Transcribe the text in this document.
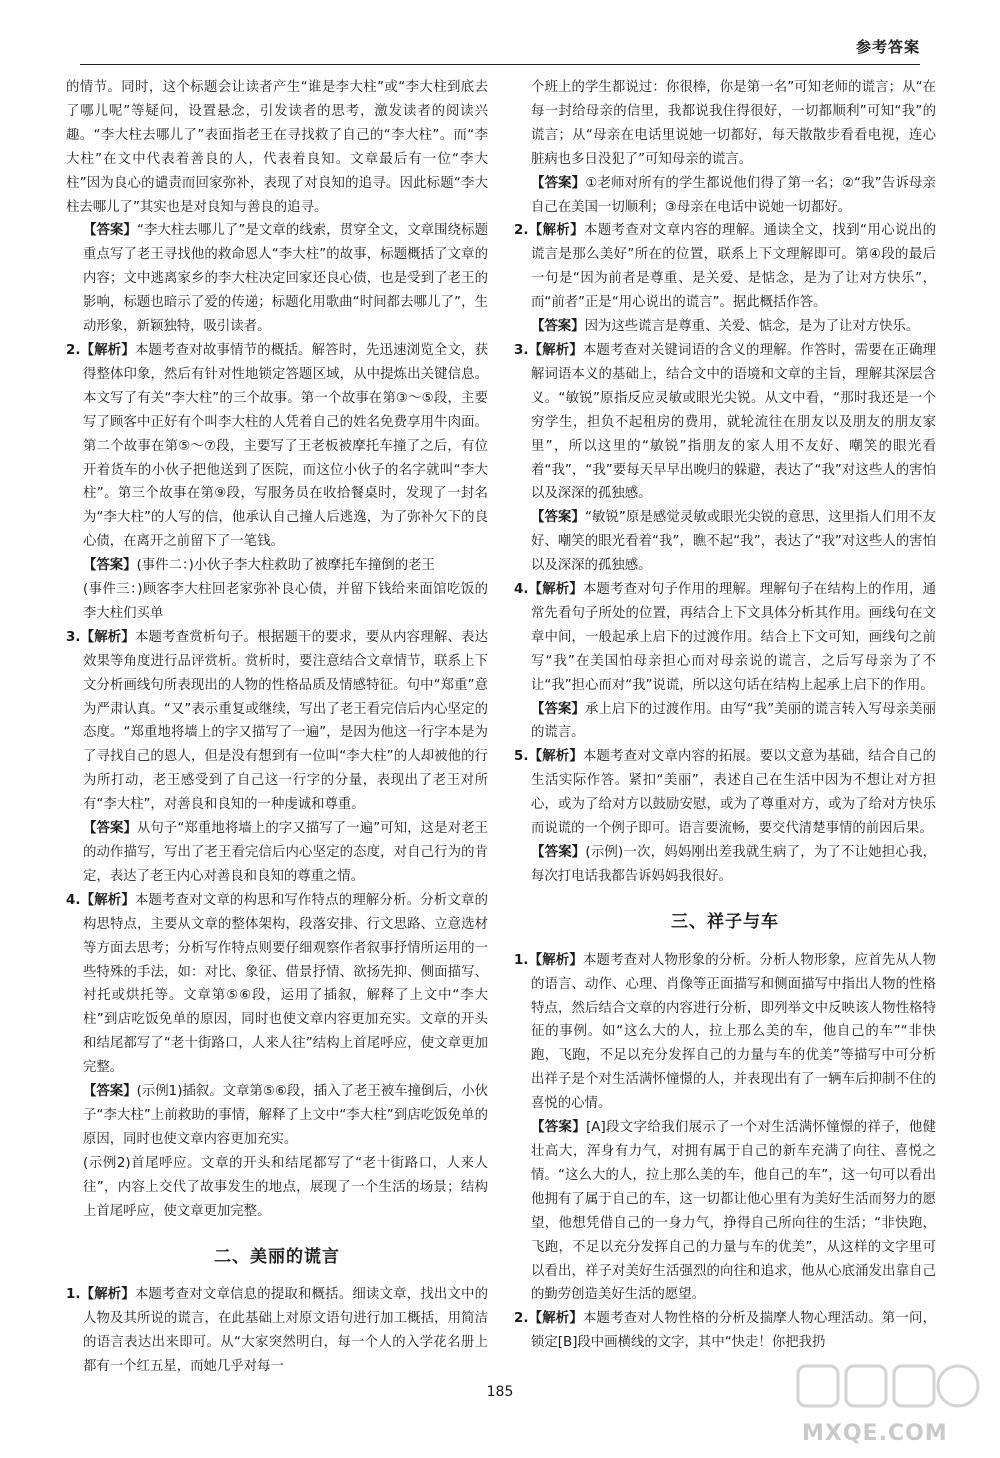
参考答案

的情节。同时，这个标题会让读者产生“谁是李大柱”或“李大柱到底去了哪儿呢”等疑问，设置悬念，引发读者的思考，激发读者的阅读兴趣。“李大柱去哪儿了”表面指老王在寻找救了自己的“李大柱”。而“李大柱”在文中代表着善良的人，代表着良知。文章最后有一位“李大柱”因为良心的谴责而回家弥补，表现了对良知的追寻。因此标题“李大柱去哪儿了”其实也是对良知与善良的追寻。

【答案】“李大柱去哪儿了”是文章的线索，贯穿全文，文章围绕标题重点写了老王寻找他的救命恩人“李大柱”的故事，标题概括了文章的内容；文中逃离家乡的李大柱决定回家还良心债，也是受到了老王的影响，标题也暗示了爱的传递；标题化用歌曲“时间都去哪儿了”，生动形象，新颖独特，吸引读者。

2.【解析】本题考查对故事情节的概括。解答时，先迅速浏览全文，获得整体印象，然后有针对性地锁定答题区域，从中提炼出关键信息。本文写了有关“李大柱”的三个故事。第一个故事在第③～⑤段，主要写了顾客中正好有个叫李大柱的人凭着自己的姓名免费享用牛肉面。第二个故事在第⑤～⑦段，主要写了王老板被摩托车撞了之后，有位开着货车的小伙子把他送到了医院，而这位小伙子的名字就叫“李大柱”。第三个故事在第⑨段，写服务员在收拾餐桌时，发现了一封名为“李大柱”的人写的信，他承认自己撞人后逃逸，为了弥补欠下的良心债，在离开之前留下了一笔钱。

【答案】(事件二：)小伙子李大柱救助了被摩托车撞倒的老王

(事件三：)顾客李大柱回老家弥补良心债，并留下钱给来面馆吃饭的李大柱们买单

3.【解析】本题考查赏析句子。根据题干的要求，要从内容理解、表达效果等角度进行品评赏析。赏析时，要注意结合文章情节，联系上下文分析画线句所表现出的人物的性格品质及情感特征。句中“郑重”意为严肃认真。“又”表示重复或继续，写出了老王看完信后内心坚定的态度。“郑重地将墙上的字又描写了一遍”，是因为他这一行字本是为了寻找自己的恩人，但是没有想到有一位叫“李大柱”的人却被他的行为所打动，老王感受到了自己这一行字的分量，表现出了老王对所有“李大柱”，对善良和良知的一种虔诚和尊重。

【答案】从句子“郑重地将墙上的字又描写了一遍”可知，这是对老王的动作描写，写出了老王看完信后内心坚定的态度，对自己行为的肯定，表达了老王内心对善良和良知的尊重之情。

4.【解析】本题考查对文章的构思和写作特点的理解分析。分析文章的构思特点，主要从文章的整体架构，段落安排、行文思路、立意选材等方面去思考；分析写作特点则要仔细观察作者叙事抒情所运用的一些特殊的手法，如：对比、象征、借景抒情、欲扬先抑、侧面描写、衬托或烘托等。文章第⑤⑥段，运用了插叙，解释了上文中“李大柱”到店吃饭免单的原因，同时也使文章内容更加充实。文章的开头和结尾都写了“老十街路口，人来人往”结构上首尾呼应，使文章更加完整。

【答案】(示例1)插叙。文章第⑤⑥段，插入了老王被车撞倒后，小伙子“李大柱”上前救助的事情，解释了上文中“李大柱”到店吃饭免单的原因，同时也使文章内容更加充实。

(示例2)首尾呼应。文章的开头和结尾都写了“老十街路口，人来人往”，内容上交代了故事发生的地点，展现了一个生活的场景；结构上首尾呼应，使文章更加完整。

二、美丽的谎言

1.【解析】本题考查对文章信息的提取和概括。细读文章，找出文中的人物及其所说的谎言，在此基础上对原文语句进行加工概括，用简洁的语言表达出来即可。从“大家突然明白，每一个人的入学花名册上都有一个红五星，而她几乎对每一

个班上的学生都说过：你很棒，你是第一名”可知老师的谎言；从“在每一封给母亲的信里，我都说我住得很好，一切都顺利”可知“我”的谎言；从“母亲在电话里说她一切都好，每天散散步看看电视，连心脏病也多日没犯了”可知母亲的谎言。

【答案】①老师对所有的学生都说他们得了第一名；②“我”告诉母亲自己在美国一切顺利；③母亲在电话中说她一切都好。

2.【解析】本题考查对文章内容的理解。通读全文，找到“用心说出的谎言是那么美好”所在的位置，联系上下文理解即可。第④段的最后一句是“因为前者是尊重、是关爱、是惦念，是为了让对方快乐”，而“前者”正是“用心说出的谎言”。据此概括作答。

【答案】因为这些谎言是尊重、关爱、惦念，是为了让对方快乐。

3.【解析】本题考查对关键词语的含义的理解。作答时，需要在正确理解词语本义的基础上，结合文中的语境和文章的主旨，理解其深层含义。“敏锐”原指反应灵敏或眼光尖锐。从文中看，“那时我还是一个穷学生，担负不起租房的费用，就轮流往在朋友以及朋友的朋友家里”，所以这里的“敏锐”指朋友的家人用不友好、嘲笑的眼光看着“我”，“我”要每天早早出晚归的躲避，表达了“我”对这些人的害怕以及深深的孤独感。

【答案】“敏锐”原是感觉灵敏或眼光尖锐的意思，这里指人们用不友好、嘲笑的眼光看着“我”，瞧不起“我”，表达了“我”对这些人的害怕以及深深的孤独感。

4.【解析】本题考查对句子作用的理解。理解句子在结构上的作用，通常先看句子所处的位置，再结合上下文具体分析其作用。画线句在文章中间，一般起承上启下的过渡作用。结合上下文可知，画线句之前写“我”在美国怕母亲担心而对母亲说的谎言，之后写母亲为了不让“我”担心而对“我”说谎，所以这句话在结构上起承上启下的作用。

【答案】承上启下的过渡作用。由写“我”美丽的谎言转入写母亲美丽的谎言。

5.【解析】本题考查对文章内容的拓展。要以文意为基础，结合自己的生活实际作答。紧扣“美丽”，表述自己在生活中因为不想让对方担心，或为了给对方以鼓励安慰，或为了尊重对方，或为了给对方快乐而说谎的一个例子即可。语言要流畅，要交代清楚事情的前因后果。

【答案】(示例)一次，妈妈刚出差我就生病了，为了不让她担心我，每次打电话我都告诉妈妈我很好。

三、祥子与车

1.【解析】本题考查对人物形象的分析。分析人物形象，应首先从人物的语言、动作、心理、肖像等正面描写和侧面描写中指出人物的性格特点，然后结合文章的内容进行分析，即列举文中反映该人物性格特征的事例。如“这么大的人，拉上那么美的车，他自己的车”“非快跑，飞跑，不足以充分发挥自己的力量与车的优美”等描写中可分析出祥子是个对生活满怀憧憬的人，并表现出有了一辆车后抑制不住的喜悦的心情。

【答案】[A]段文字给我们展示了一个对生活满怀憧憬的祥子，他健壮高大，浑身有力气，对拥有属于自己的新车充满了向往、喜悦之情。“这么大的人，拉上那么美的车，他自己的车”，这一句可以看出他拥有了属于自己的车，这一切都让他心里有为美好生活而努力的愿望，他想凭借自己的一身力气，挣得自己所向往的生活；“非快跑，飞跑，不足以充分发挥自己的力量与车的优美”，从这样的文字里可以看出，祥子对美好生活强烈的向往和追求，他从心底涌发出靠自己的勤劳创造美好生活的愿望。

2.【解析】本题考查对人物性格的分析及揣摩人物心理活动。第一问，锁定[B]段中画横线的文字，其中“快走！你把我扔

185
MXQE.COM
